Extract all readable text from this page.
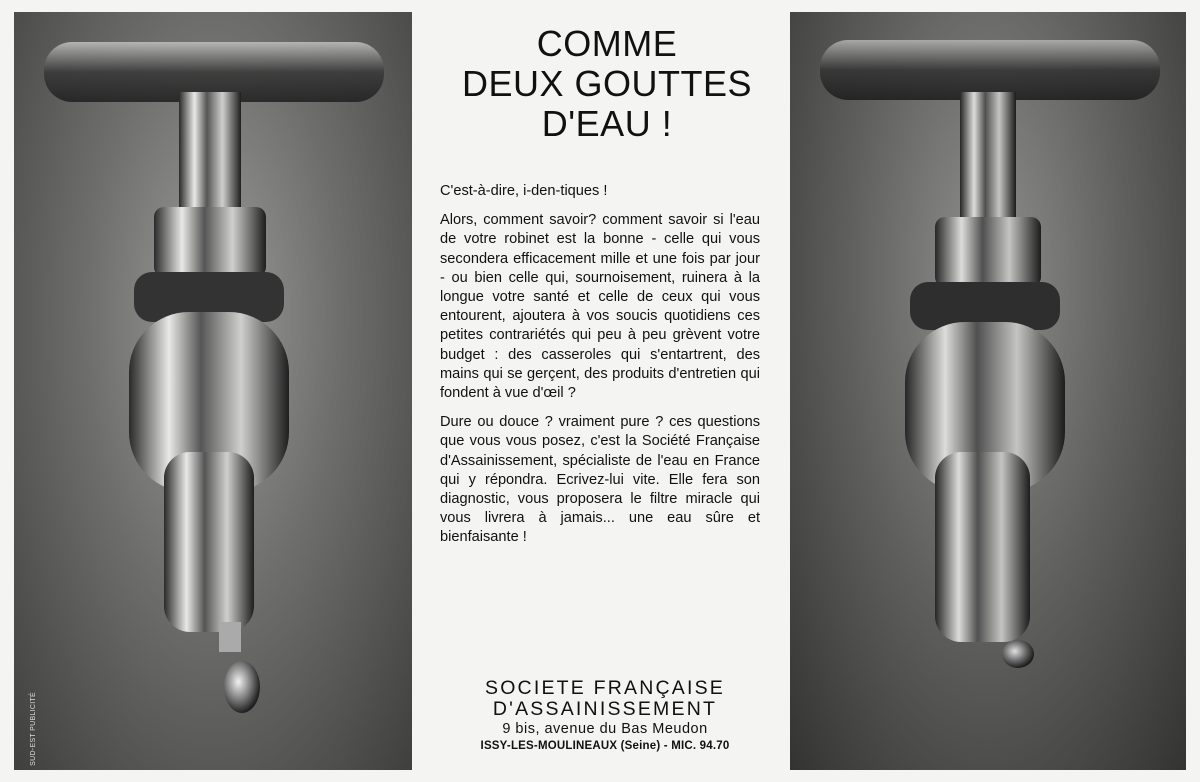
SUD-EST PUBLICITÉ
COMME
DEUX GOUTTES
D'EAU !

C'est-à-dire, i-den-tiques !

Alors, comment savoir? comment savoir si l'eau de votre robinet est la bonne - celle qui vous secondera efficacement mille et une fois par jour - ou bien celle qui, sournoisement, ruinera à la longue votre santé et celle de ceux qui vous entourent, ajoutera à vos soucis quotidiens ces petites contrariétés qui peu à peu grèvent votre budget : des casseroles qui s'entartrent, des mains qui se gerçent, des produits d'entretien qui fondent à vue d'œil ?

Dure ou douce ? vraiment pure ? ces questions que vous vous posez, c'est la Société Française d'Assainissement, spécialiste de l'eau en France qui y répondra. Ecrivez-lui vite. Elle fera son diagnostic, vous proposera le filtre miracle qui vous livrera à jamais... une eau sûre et bienfaisante !

SOCIETE FRANÇAISE
D'ASSAINISSEMENT
9 bis, avenue du Bas Meudon
ISSY-LES-MOULINEAUX (Seine) - MIC. 94.70
